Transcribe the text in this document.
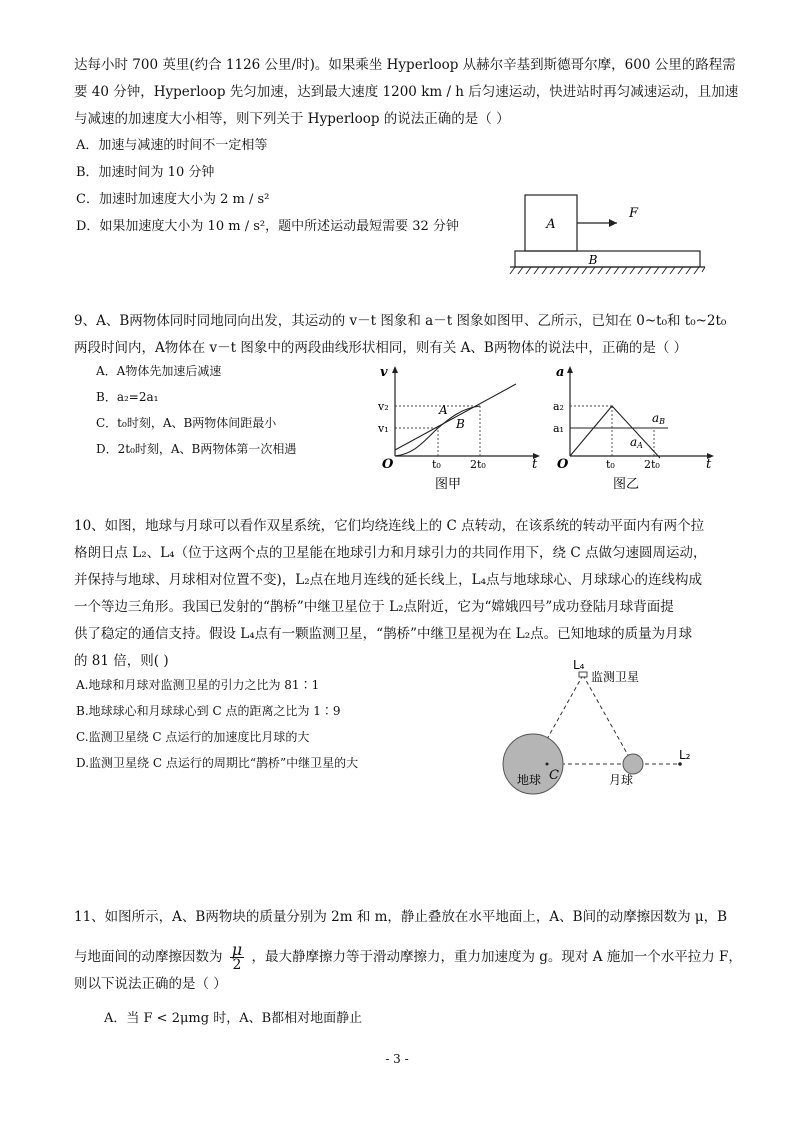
达每小时 700 英里(约合 1126 公里/时)。如果乘坐 Hyperloop 从赫尔辛基到斯德哥尔摩，600 公里的路程需
要 40 分钟，Hyperloop 先匀加速，达到最大速度 1200 km / h 后匀速运动，快进站时再匀减速运动，且加速
与减速的加速度大小相等，则下列关于 Hyperloop 的说法正确的是（ ）
A．加速与减速的时间不一定相等
B．加速时间为 10 分钟
C．加速时加速度大小为 2 m / s²
D．如果加速度大小为 10 m / s²，题中所述运动最短需要 32 分钟	A
F
B
9、A、B两物体同时同地同向出发，其运动的 v－t 图象和 a－t 图象如图甲、乙所示，已知在 0~t₀和 t₀~2t₀
两段时间内，A物体在 v－t 图象中的两段曲线形状相同，则有关 A、B两物体的说法中，正确的是（ ）
A．A物体先加速后减速
B．a₂=2a₁
C．t₀时刻，A、B两物体间距最小
D．2t₀时刻，A、B两物体第一次相遇
v
t
O
v₂
v₁
t₀	2t₀
A
B
图甲
a
t
O
a₂
a₁
t₀	2t₀
aB
aA
图乙
10、如图，地球与月球可以看作双星系统，它们均绕连线上的 C 点转动，在该系统的转动平面内有两个拉
格朗日点 L₂、L₄（位于这两个点的卫星能在地球引力和月球引力的共同作用下，绕 C 点做匀速圆周运动，
并保持与地球、月球相对位置不变)，L₂点在地月连线的延长线上，L₄点与地球球心、月球球心的连线构成
一个等边三角形。我国已发射的“鹊桥”中继卫星位于 L₂点附近，它为“嫦娥四号”成功登陆月球背面提
供了稳定的通信支持。假设 L₄点有一颗监测卫星，“鹊桥”中继卫星视为在 L₂点。已知地球的质量为月球
的 81 倍，则( )
A.地球和月球对监测卫星的引力之比为 81∶1
B.地球球心和月球球心到 C 点的距离之比为 1∶9
C.监测卫星绕 C 点运行的加速度比月球的大
D.监测卫星绕 C 点运行的周期比“鹊桥”中继卫星的大
L₄
监测卫星
地球 C	月球
L₂
11、如图所示，A、B两物块的质量分别为 2m 和 m，静止叠放在水平地面上，A、B间的动摩擦因数为 μ，B
与地面间的动摩擦因数为 $\frac{\mu}{2}$ ，最大静摩擦力等于滑动摩擦力，重力加速度为 g。现对 A 施加一个水平拉力 F，
则以下说法正确的是（ ）
A．当 F < 2μmg 时，A、B都相对地面静止
- 3 -
